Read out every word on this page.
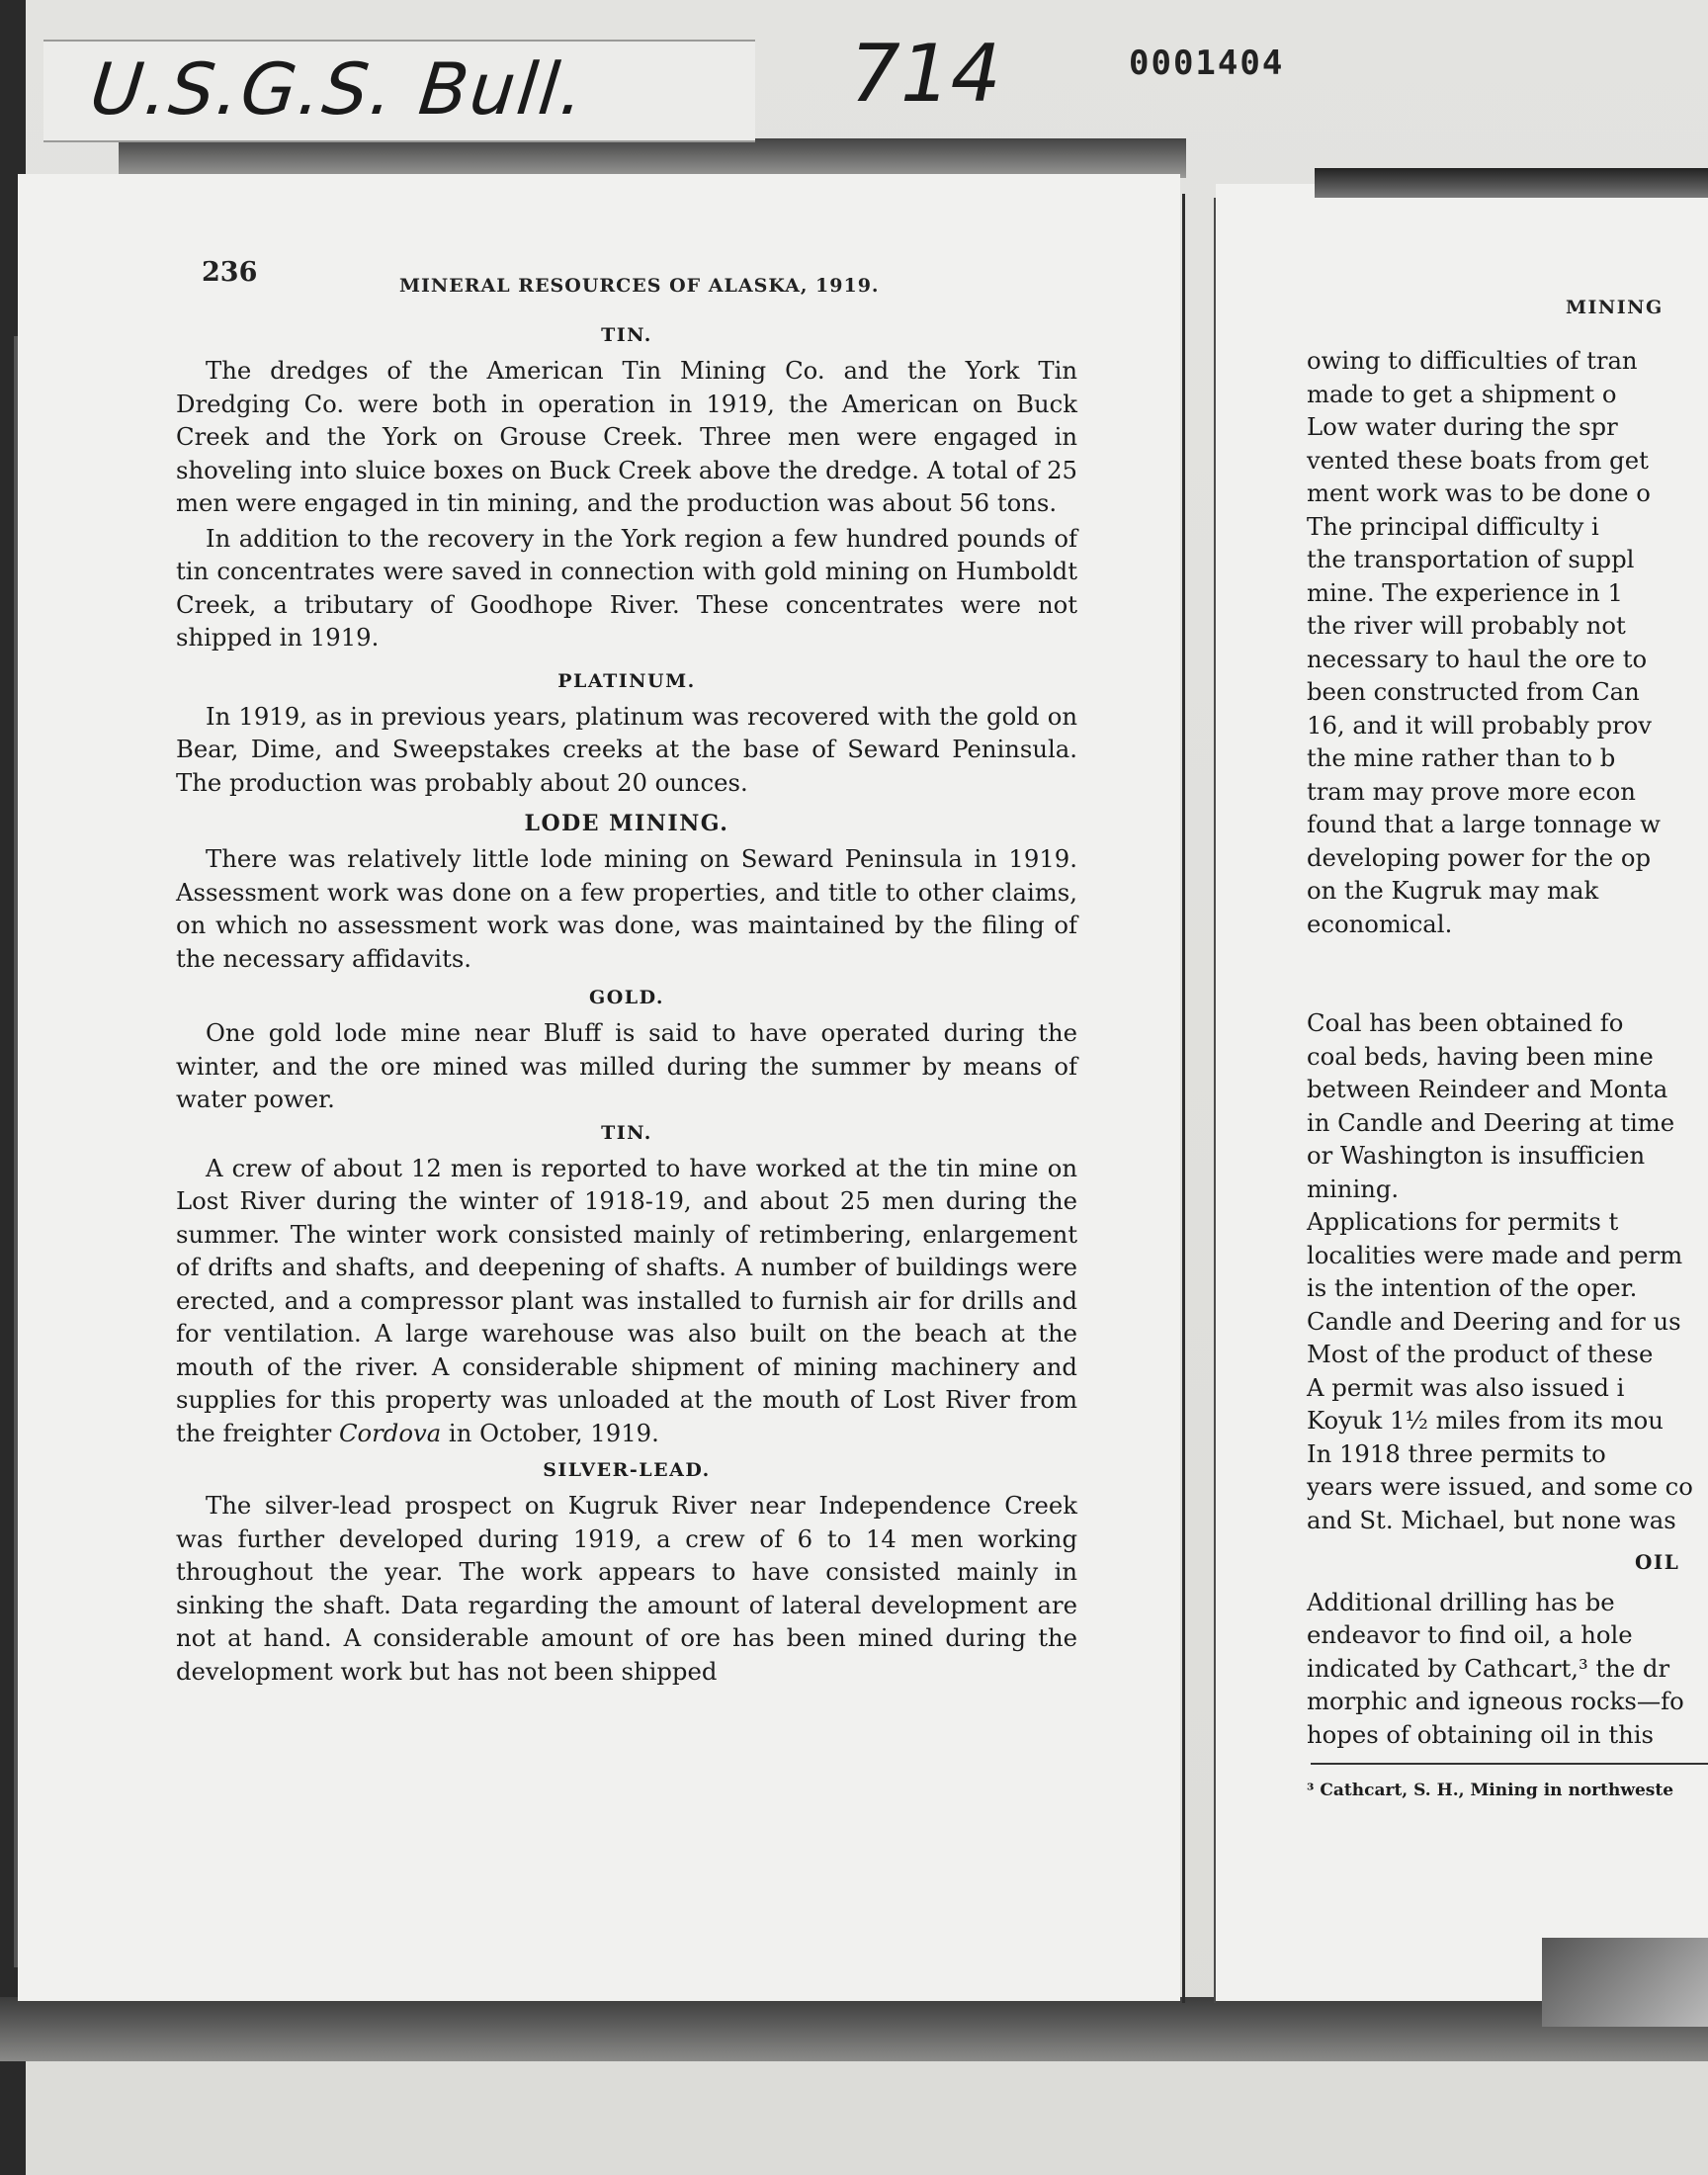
U.S.G.S. Bull.	714	0001404
236	MINERAL RESOURCES OF ALASKA, 1919.
TIN.

The dredges of the American Tin Mining Co. and the York Tin Dredging Co. were both in operation in 1919, the American on Buck Creek and the York on Grouse Creek. Three men were engaged in shoveling into sluice boxes on Buck Creek above the dredge. A total of 25 men were engaged in tin mining, and the production was about 56 tons.

In addition to the recovery in the York region a few hundred pounds of tin concentrates were saved in connection with gold mining on Humboldt Creek, a tributary of Goodhope River. These concentrates were not shipped in 1919.

PLATINUM.

In 1919, as in previous years, platinum was recovered with the gold on Bear, Dime, and Sweepstakes creeks at the base of Seward Peninsula. The production was probably about 20 ounces.

LODE MINING.

There was relatively little lode mining on Seward Peninsula in 1919. Assessment work was done on a few properties, and title to other claims, on which no assessment work was done, was maintained by the filing of the necessary affidavits.

GOLD.

One gold lode mine near Bluff is said to have operated during the winter, and the ore mined was milled during the summer by means of water power.

TIN.

A crew of about 12 men is reported to have worked at the tin mine on Lost River during the winter of 1918-19, and about 25 men during the summer. The winter work consisted mainly of retimbering, enlargement of drifts and shafts, and deepening of shafts. A number of buildings were erected, and a compressor plant was installed to furnish air for drills and for ventilation. A large warehouse was also built on the beach at the mouth of the river. A considerable shipment of mining machinery and supplies for this property was unloaded at the mouth of Lost River from the freighter Cordova in October, 1919.

SILVER-LEAD.

The silver-lead prospect on Kugruk River near Independence Creek was further developed during 1919, a crew of 6 to 14 men working throughout the year. The work appears to have consisted mainly in sinking the shaft. Data regarding the amount of lateral development are not at hand. A considerable amount of ore has been mined during the development work but has not been shipped

MINING
owing to difficulties of tran
made to get a shipment o
Low water during the spr
vented these boats from get
ment work was to be done o
The principal difficulty i
the transportation of suppl
mine. The experience in 1
the river will probably not
necessary to haul the ore to
been constructed from Can
16, and it will probably prov
the mine rather than to b
tram may prove more econ
found that a large tonnage w
developing power for the op
on the Kugruk may mak
economical.
Coal has been obtained fo
coal beds, having been mine
between Reindeer and Monta
in Candle and Deering at time
or Washington is insufficien
mining.
Applications for permits t
localities were made and perm
is the intention of the oper.
Candle and Deering and for us
Most of the product of these
A permit was also issued i
Koyuk 1½ miles from its mou
In 1918 three permits to
years were issued, and some co
and St. Michael, but none was
OIL
Additional drilling has be
endeavor to find oil, a hole
indicated by Cathcart,³ the dr
morphic and igneous rocks—fo
hopes of obtaining oil in this
³ Cathcart, S. H., Mining in northweste
